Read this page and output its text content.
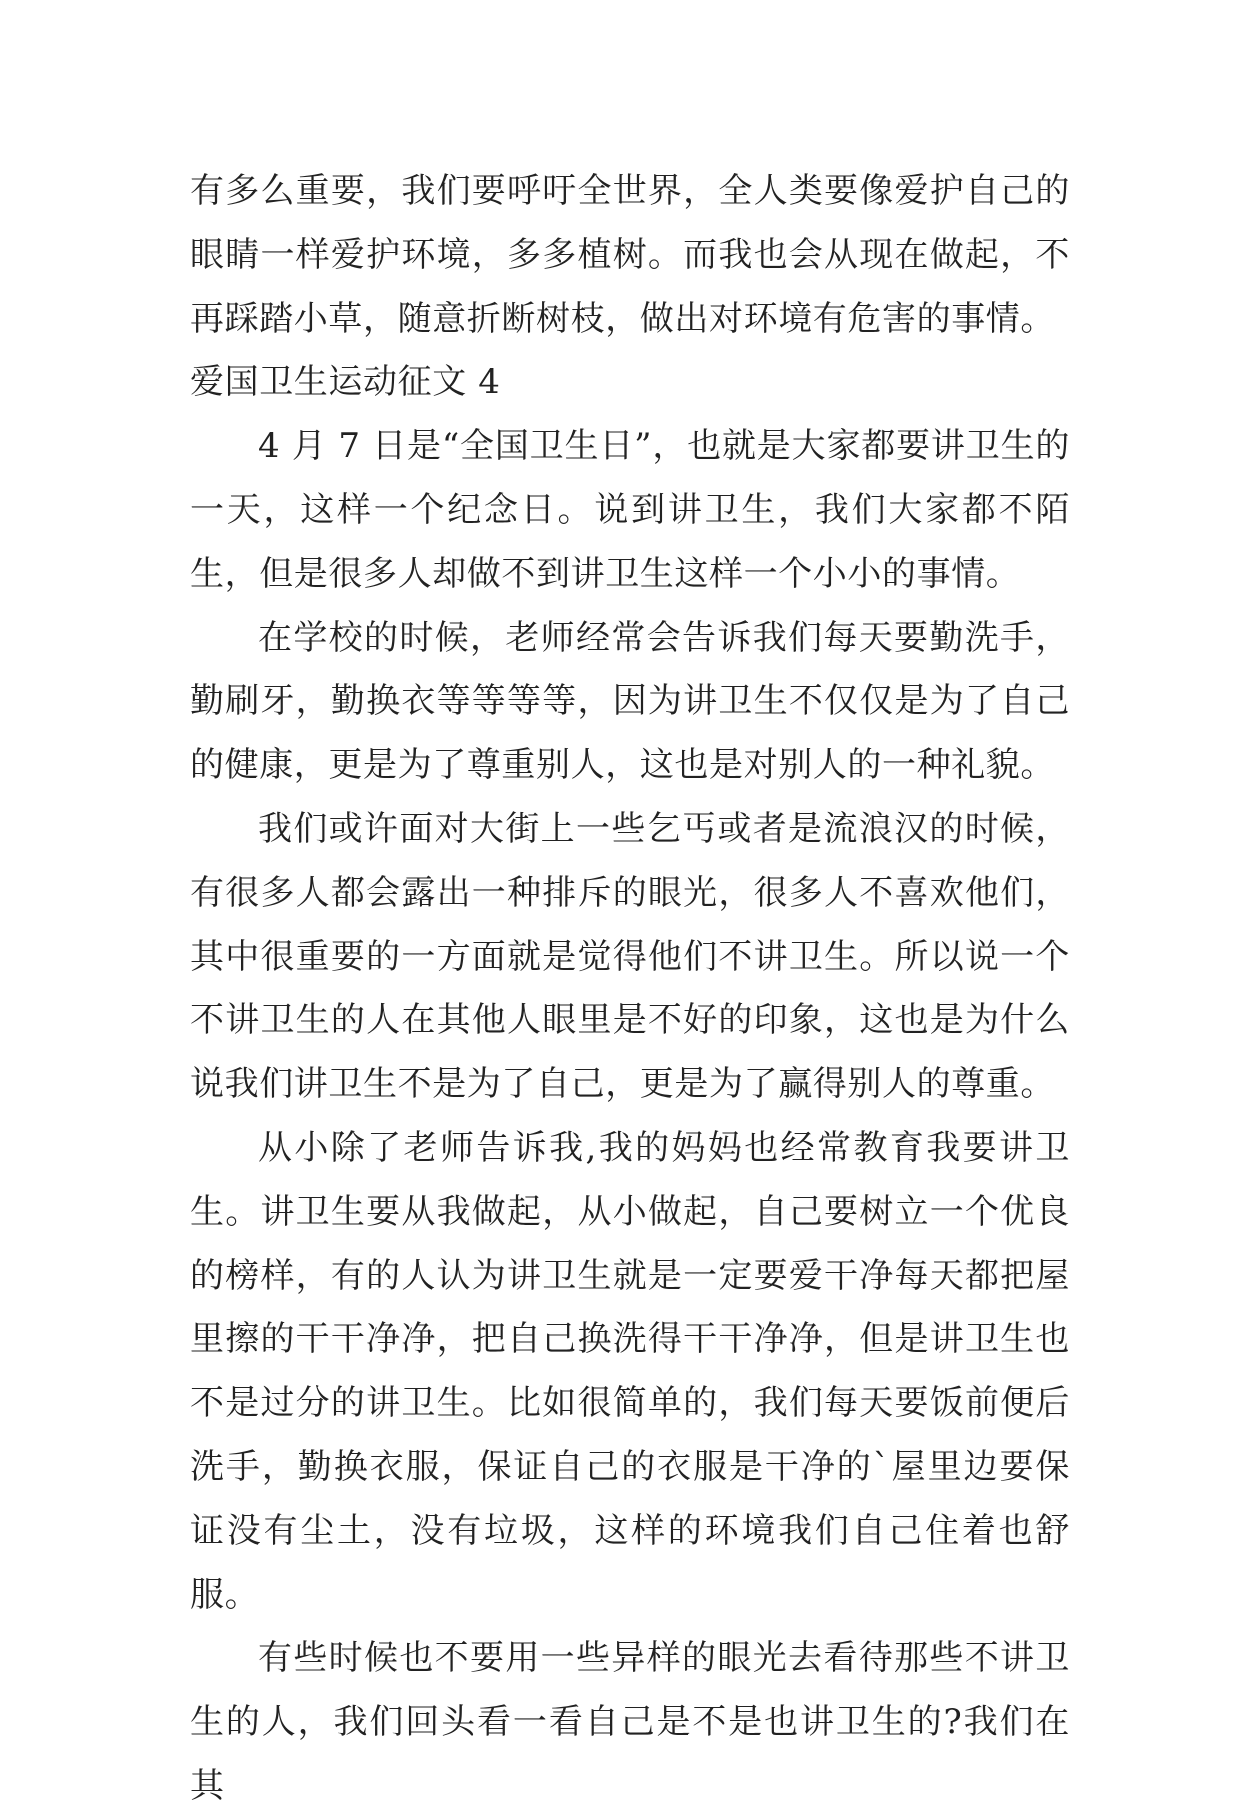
有多么重要，我们要呼吁全世界，全人类要像爱护自己的眼睛一样爱护环境，多多植树。而我也会从现在做起，不再踩踏小草，随意折断树枝，做出对环境有危害的事情。

爱国卫生运动征文 4

4 月 7 日是“全国卫生日”，也就是大家都要讲卫生的一天，这样一个纪念日。说到讲卫生，我们大家都不陌生，但是很多人却做不到讲卫生这样一个小小的事情。

在学校的时候，老师经常会告诉我们每天要勤洗手，勤刷牙，勤换衣等等等等，因为讲卫生不仅仅是为了自己的健康，更是为了尊重别人，这也是对别人的一种礼貌。

我们或许面对大街上一些乞丐或者是流浪汉的时候，有很多人都会露出一种排斥的眼光，很多人不喜欢他们，其中很重要的一方面就是觉得他们不讲卫生。所以说一个不讲卫生的人在其他人眼里是不好的印象，这也是为什么说我们讲卫生不是为了自己，更是为了赢得别人的尊重。

从小除了老师告诉我,我的妈妈也经常教育我要讲卫生。讲卫生要从我做起，从小做起，自己要树立一个优良的榜样，有的人认为讲卫生就是一定要爱干净每天都把屋里擦的干干净净，把自己换洗得干干净净，但是讲卫生也不是过分的讲卫生。比如很简单的，我们每天要饭前便后洗手，勤换衣服，保证自己的衣服是干净的`屋里边要保证没有尘土，没有垃圾，这样的环境我们自己住着也舒服。

有些时候也不要用一些异样的眼光去看待那些不讲卫生的人，我们回头看一看自己是不是也讲卫生的?我们在其
